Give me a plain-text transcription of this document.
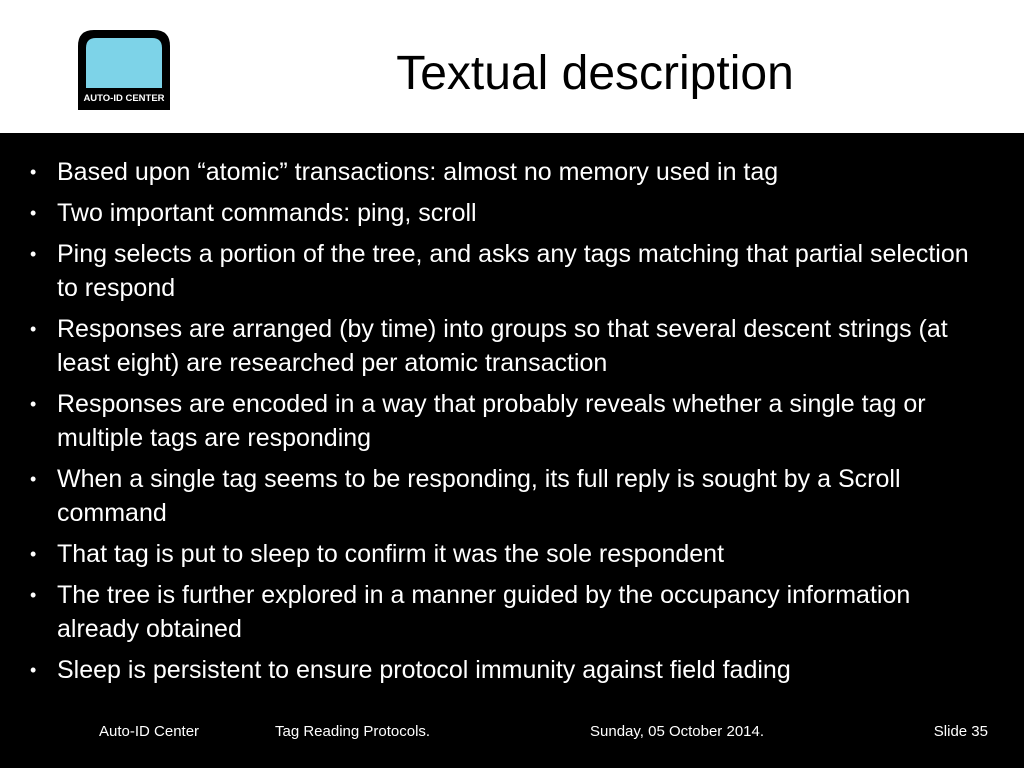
AUTO-ID CENTER	Textual description
• Based upon “atomic” transactions: almost no memory used in tag
• Two important commands: ping, scroll
• Ping selects a portion of the tree, and asks any tags matching that partial selection to respond
• Responses are arranged (by time) into groups so that several descent strings (at least eight) are researched per atomic transaction
• Responses are encoded in a way that probably reveals whether a single tag or multiple tags are responding
• When a single tag seems to be responding, its full reply is sought by a Scroll command
• That tag is put to sleep to confirm it was the sole respondent
• The tree is further explored in a manner guided by the occupancy information already obtained
• Sleep is persistent to ensure protocol immunity against field fading
Auto-ID Center	Tag Reading Protocols.	Sunday, 05 October 2014.	Slide 35
